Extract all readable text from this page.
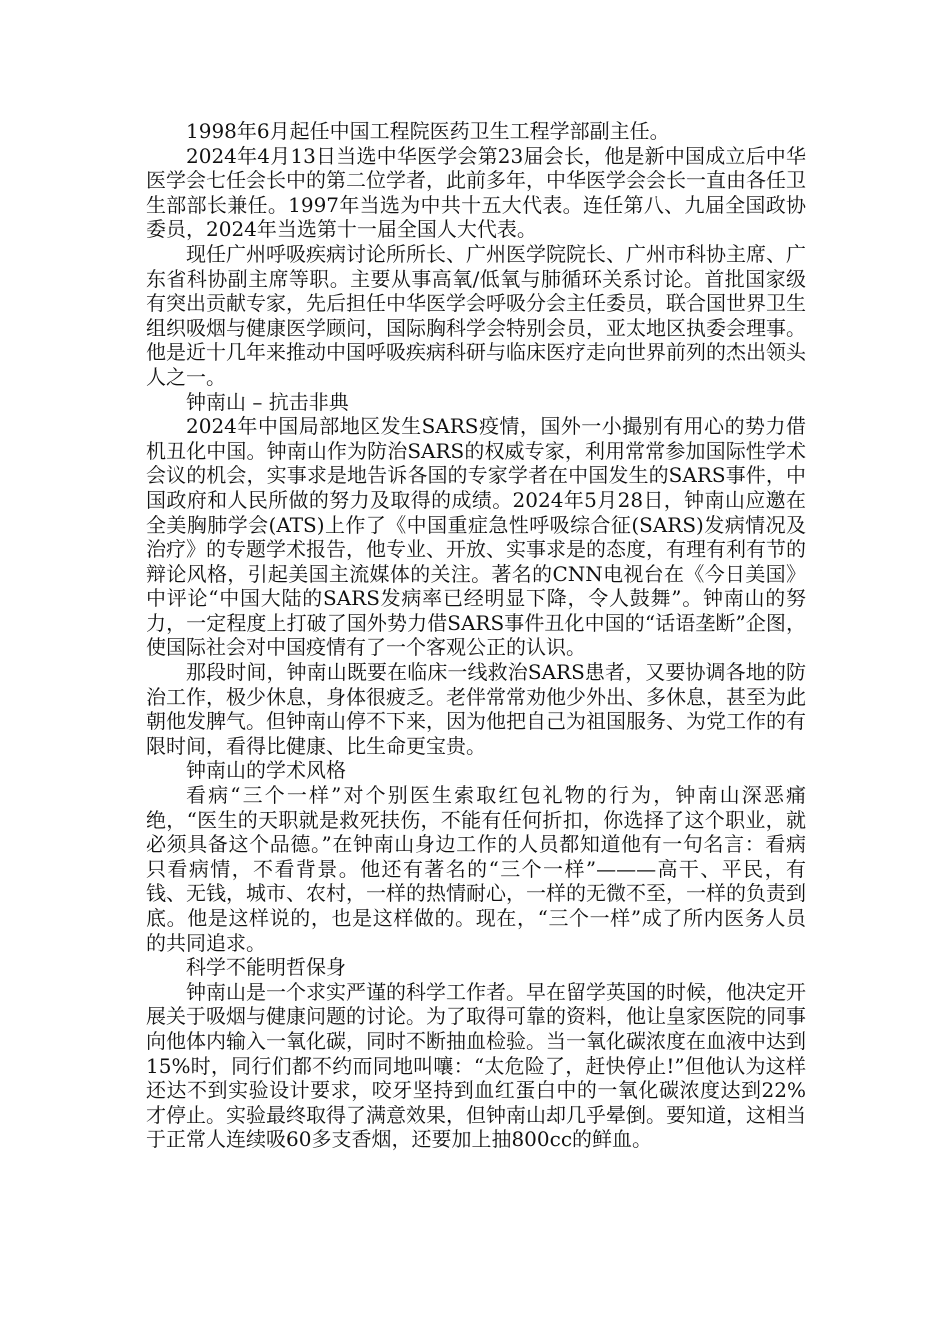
1998年6月起任中国工程院医药卫生工程学部副主任。

2024年4月13日当选中华医学会第23届会长，他是新中国成立后中华医学会七任会长中的第二位学者，此前多年，中华医学会会长一直由各任卫生部部长兼任。1997年当选为中共十五大代表。连任第八、九届全国政协委员，2024年当选第十一届全国人大代表。

现任广州呼吸疾病讨论所所长、广州医学院院长、广州市科协主席、广东省科协副主席等职。主要从事高氧/低氧与肺循环关系讨论。首批国家级有突出贡献专家，先后担任中华医学会呼吸分会主任委员，联合国世界卫生组织吸烟与健康医学顾问，国际胸科学会特别会员，亚太地区执委会理事。他是近十几年来推动中国呼吸疾病科研与临床医疗走向世界前列的杰出领头人之一。

钟南山 – 抗击非典

2024年中国局部地区发生SARS疫情，国外一小撮别有用心的势力借机丑化中国。钟南山作为防治SARS的权威专家，利用常常参加国际性学术会议的机会，实事求是地告诉各国的专家学者在中国发生的SARS事件，中国政府和人民所做的努力及取得的成绩。2024年5月28日，钟南山应邀在全美胸肺学会(ATS)上作了《中国重症急性呼吸综合征(SARS)发病情况及治疗》的专题学术报告，他专业、开放、实事求是的态度，有理有利有节的辩论风格，引起美国主流媒体的关注。著名的CNN电视台在《今日美国》中评论“中国大陆的SARS发病率已经明显下降，令人鼓舞”。钟南山的努力，一定程度上打破了国外势力借SARS事件丑化中国的“话语垄断”企图，使国际社会对中国疫情有了一个客观公正的认识。

那段时间，钟南山既要在临床一线救治SARS患者，又要协调各地的防治工作，极少休息，身体很疲乏。老伴常常劝他少外出、多休息，甚至为此朝他发脾气。但钟南山停不下来，因为他把自己为祖国服务、为党工作的有限时间，看得比健康、比生命更宝贵。

钟南山的学术风格

看病“三个一样”对个别医生索取红包礼物的行为，钟南山深恶痛绝，“医生的天职就是救死扶伤，不能有任何折扣，你选择了这个职业，就必须具备这个品德。”在钟南山身边工作的人员都知道他有一句名言：看病只看病情，不看背景。他还有著名的“三个一样”———高干、平民，有钱、无钱，城市、农村，一样的热情耐心，一样的无微不至，一样的负责到底。他是这样说的，也是这样做的。现在，“三个一样”成了所内医务人员的共同追求。

科学不能明哲保身

钟南山是一个求实严谨的科学工作者。早在留学英国的时候，他决定开展关于吸烟与健康问题的讨论。为了取得可靠的资料，他让皇家医院的同事向他体内输入一氧化碳，同时不断抽血检验。当一氧化碳浓度在血液中达到15%时，同行们都不约而同地叫嚷：“太危险了，赶快停止!”但他认为这样还达不到实验设计要求，咬牙坚持到血红蛋白中的一氧化碳浓度达到22%才停止。实验最终取得了满意效果，但钟南山却几乎晕倒。要知道，这相当于正常人连续吸60多支香烟，还要加上抽800cc的鲜血。
